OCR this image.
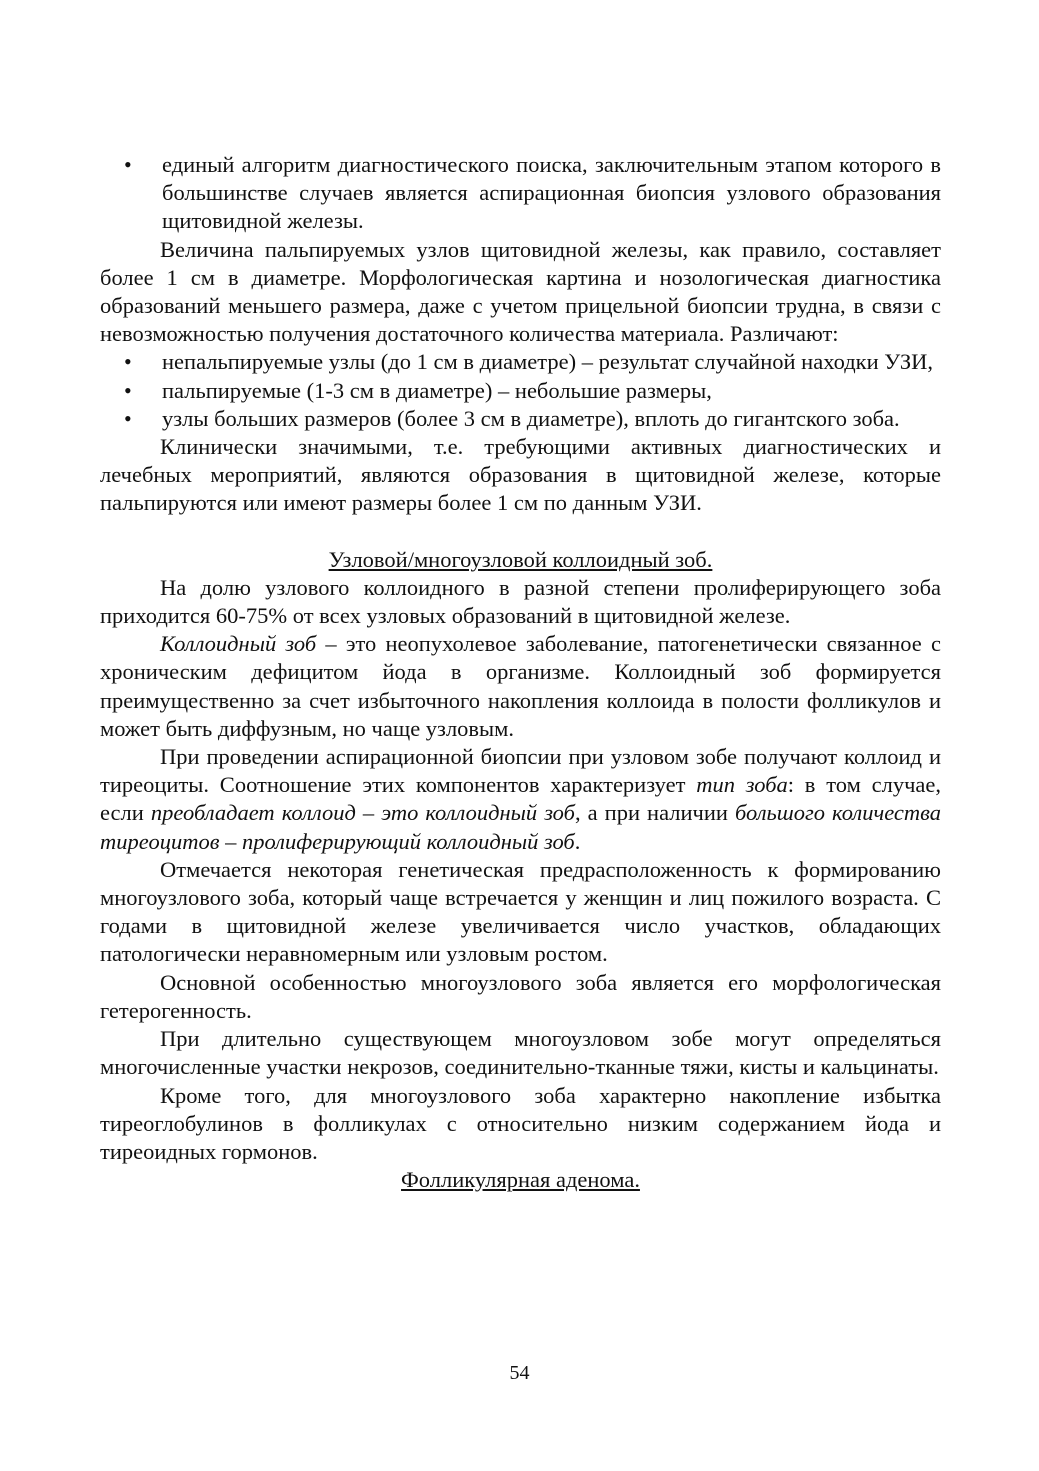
• единый алгоритм диагностического поиска, заключительным этапом которого в большинстве случаев является аспирационная биопсия узлового образования щитовидной железы.

Величина пальпируемых узлов щитовидной железы, как правило, составляет более 1 см в диаметре. Морфологическая картина и нозологическая диагностика образований меньшего размера, даже с учетом прицельной биопсии трудна, в связи с невозможностью получения достаточного количества материала. Различают:

• непальпируемые узлы (до 1 см в диаметре) – результат случайной находки УЗИ,
• пальпируемые (1-3 см в диаметре) – небольшие размеры,
• узлы больших размеров (более 3 см в диаметре), вплоть до гигантского зоба.

Клинически значимыми, т.е. требующими активных диагностических и лечебных мероприятий, являются образования в щитовидной железе, которые пальпируются или имеют размеры более 1 см по данным УЗИ.

Узловой/многоузловой коллоидный зоб.

На долю узлового коллоидного в разной степени пролиферирующего зоба приходится 60-75% от всех узловых образований в щитовидной железе.

Коллоидный зоб – это неопухолевое заболевание, патогенетически связанное с хроническим дефицитом йода в организме. Коллоидный зоб формируется преимущественно за счет избыточного накопления коллоида в полости фолликулов и может быть диффузным, но чаще узловым.

При проведении аспирационной биопсии при узловом зобе получают коллоид и тиреоциты. Соотношение этих компонентов характеризует тип зоба: в том случае, если преобладает коллоид – это коллоидный зоб, а при наличии большого количества тиреоцитов – пролиферирующий коллоидный зоб.

Отмечается некоторая генетическая предрасположенность к формированию многоузлового зоба, который чаще встречается у женщин и лиц пожилого возраста. С годами в щитовидной железе увеличивается число участков, обладающих патологически неравномерным или узловым ростом.

Основной особенностью многоузлового зоба является его морфологическая гетерогенность.

При длительно существующем многоузловом зобе могут определяться многочисленные участки некрозов, соединительно-тканные тяжи, кисты и кальцинаты.

Кроме того, для многоузлового зоба характерно накопление избытка тиреоглобулинов в фолликулах с относительно низким содержанием йода и тиреоидных гормонов.

Фолликулярная аденома.

54
